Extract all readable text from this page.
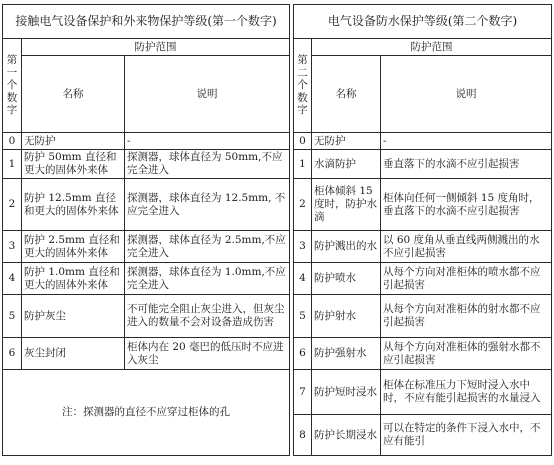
接触电气设备保护和外来物保护等级(第一个数字)		

第
一
个
数
字	防护范围	
	名称	说明
0	无防护	-
1	防护 50mm 直径和更大的固体外来体	探测器，球体直径为 50mm,不应完全进入
2	防护 12.5mm 直径和更大的固体外来体	探测器，球体直径为 12.5mm, 不应完全进入
3	防护 2.5mm 直径和更大的固体外来体	探测器，球体直径为 2.5mm,不应完全进入
4	防护 1.0mm 直径和更大的固体外来体	探测器，球体直径为 1.0mm,不应完全进入
5	防护灰尘	不可能完全阻止灰尘进入，但灰尘进入的数量不会对设备造成伤害
6	灰尘封闭	柜体内在 20 毫巴的低压时不应进入灰尘
注：探测器的直径不应穿过柜体的孔		
电气设备防水保护等级(第二个数字)		

第
二
个
数
字	防护范围	
	名称	说明
0	无防护	-
1	水滴防护	垂直落下的水滴不应引起损害
2	柜体倾斜 15 度时，防护水滴	柜体向任何一侧倾斜 15 度角时，垂直落下的水滴不应引起损害
3	防护溅出的水	以 60 度角从垂直线两侧溅出的水不应引起损害
4	防护喷水	从每个方向对准柜体的喷水都不应引起损害
5	防护射水	从每个方向对准柜体的射水都不应引起损害
6	防护强射水	从每个方向对准柜体的强射水都不应引起损害
7	防护短时浸水	柜体在标准压力下短时浸入水中时，不应有能引起损害的水量浸入
8	防护长期浸水	可以在特定的条件下浸入水中，不应有能引
